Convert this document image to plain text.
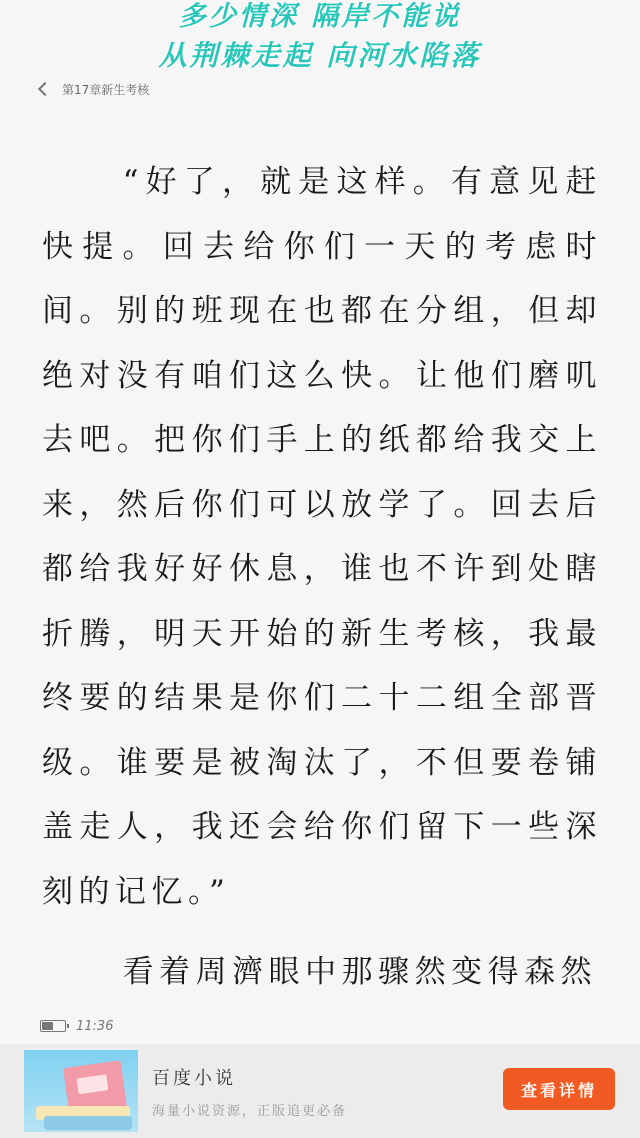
多少情深 隔岸不能说
从荆棘走起 向河水陷落
第17章新生考核

“好了，就是这样。有意见赶快提。回去给你们一天的考虑时间。别的班现在也都在分组，但却绝对没有咱们这么快。让他们磨叽去吧。把你们手上的纸都给我交上来，然后你们可以放学了。回去后都给我好好休息，谁也不许到处瞎折腾，明天开始的新生考核，我最终要的结果是你们二十二组全部晋级。谁要是被淘汰了，不但要卷铺盖走人，我还会给你们留下一些深刻的记忆。”

看着周濟眼中那骤然变得森然

11:36
百度小说
海量小说资源，正版追更必备
查看详情
